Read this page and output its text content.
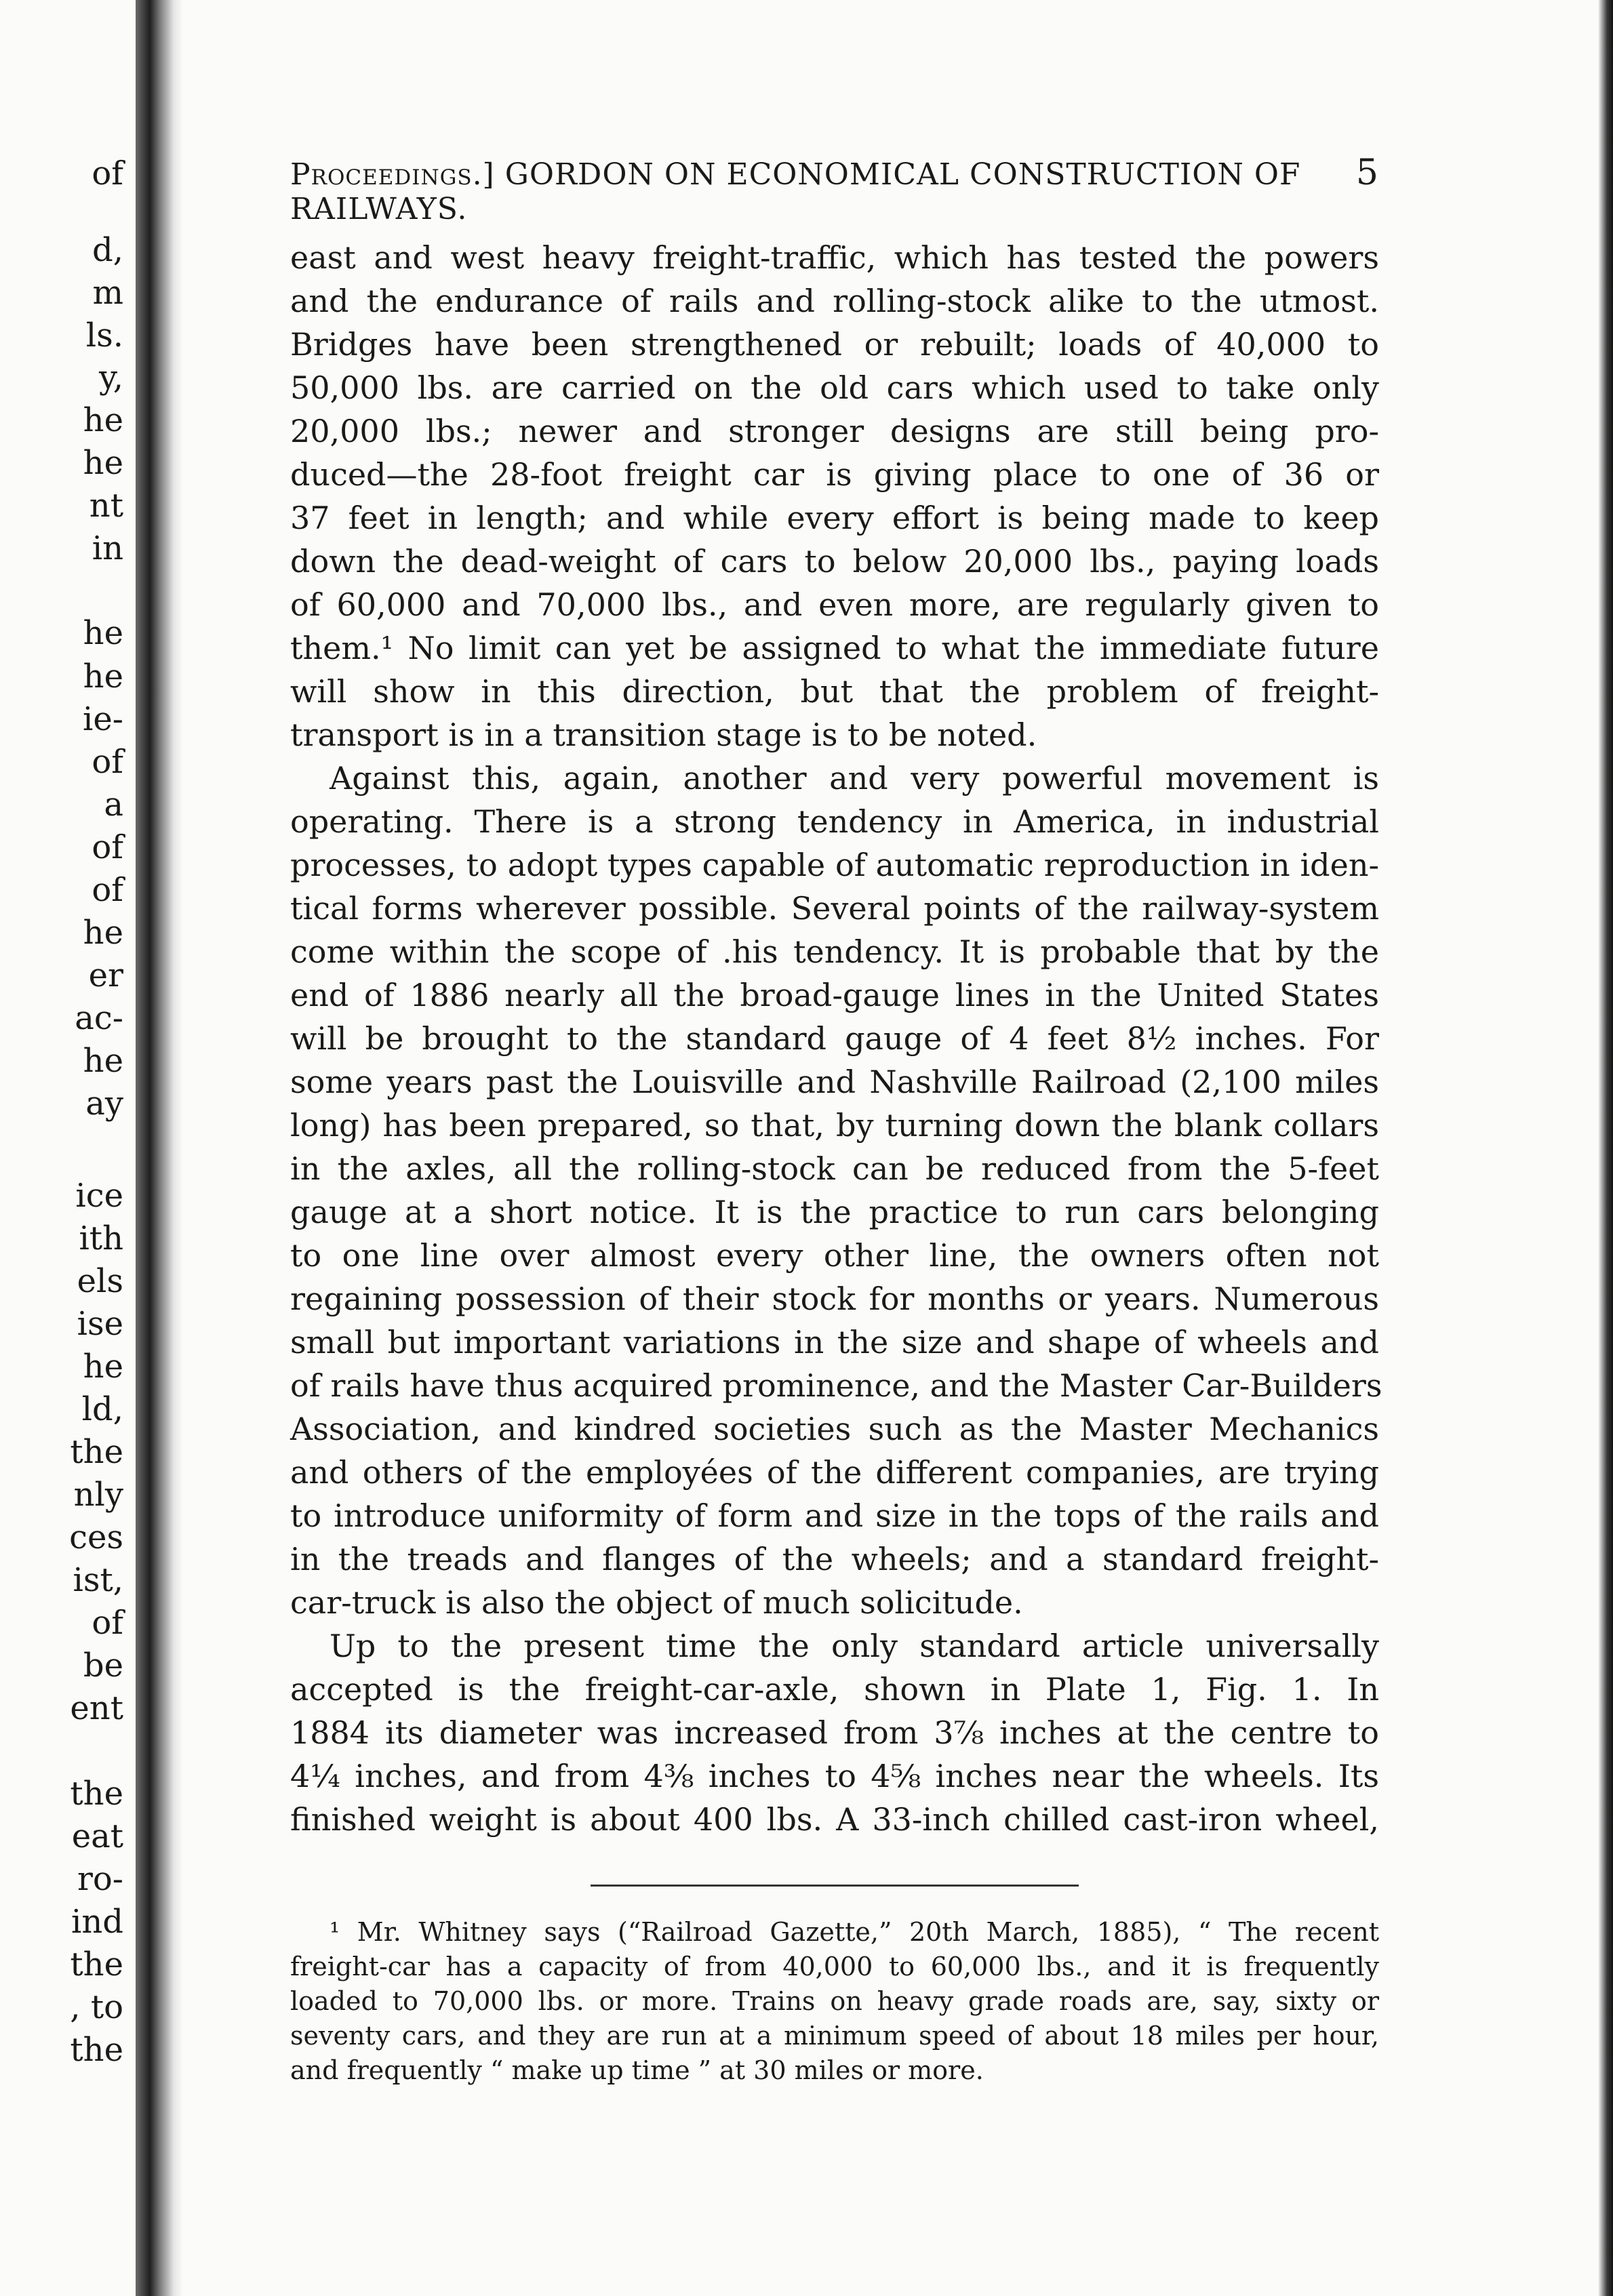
of
d,
m
ls.
y,
he
he
nt
in
he
he
ie-
of
a
of
of
he
er
ac-
he
ay
ice
ith
els
ise
he
ld,
the
nly
ces
ist,
of
be
ent
the
eat
ro-
ind
the
, to
the
Proceedings.] GORDON ON ECONOMICAL CONSTRUCTION OF RAILWAYS.
5
east and west heavy freight-traffic, which has tested the powers
and the endurance of rails and rolling-stock alike to the utmost.
Bridges have been strengthened or rebuilt; loads of 40,000 to
50,000 lbs. are carried on the old cars which used to take only
20,000 lbs.; newer and stronger designs are still being pro-
duced—the 28-foot freight car is giving place to one of 36 or
37 feet in length; and while every effort is being made to keep
down the dead-weight of cars to below 20,000 lbs., paying loads
of 60,000 and 70,000 lbs., and even more, are regularly given to
them.¹ No limit can yet be assigned to what the immediate future
will show in this direction, but that the problem of freight-
transport is in a transition stage is to be noted.
Against this, again, another and very powerful movement is
operating. There is a strong tendency in America, in industrial
processes, to adopt types capable of automatic reproduction in iden-
tical forms wherever possible. Several points of the railway-system
come within the scope of .his tendency. It is probable that by the
end of 1886 nearly all the broad-gauge lines in the United States
will be brought to the standard gauge of 4 feet 8½ inches. For
some years past the Louisville and Nashville Railroad (2,100 miles
long) has been prepared, so that, by turning down the blank collars
in the axles, all the rolling-stock can be reduced from the 5-feet
gauge at a short notice. It is the practice to run cars belonging
to one line over almost every other line, the owners often not
regaining possession of their stock for months or years. Numerous
small but important variations in the size and shape of wheels and
of rails have thus acquired prominence, and the Master Car-Builders
Association, and kindred societies such as the Master Mechanics
and others of the employées of the different companies, are trying
to introduce uniformity of form and size in the tops of the rails and
in the treads and flanges of the wheels; and a standard freight-
car-truck is also the object of much solicitude.
Up to the present time the only standard article universally
accepted is the freight-car-axle, shown in Plate 1, Fig. 1. In
1884 its diameter was increased from 3⅞ inches at the centre to
4¼ inches, and from 4⅜ inches to 4⅝ inches near the wheels. Its
finished weight is about 400 lbs. A 33-inch chilled cast-iron wheel,
¹ Mr. Whitney says (“Railroad Gazette,” 20th March, 1885), “ The recent
freight-car has a capacity of from 40,000 to 60,000 lbs., and it is frequently
loaded to 70,000 lbs. or more. Trains on heavy grade roads are, say, sixty or
seventy cars, and they are run at a minimum speed of about 18 miles per hour,
and frequently “ make up time ” at 30 miles or more.
